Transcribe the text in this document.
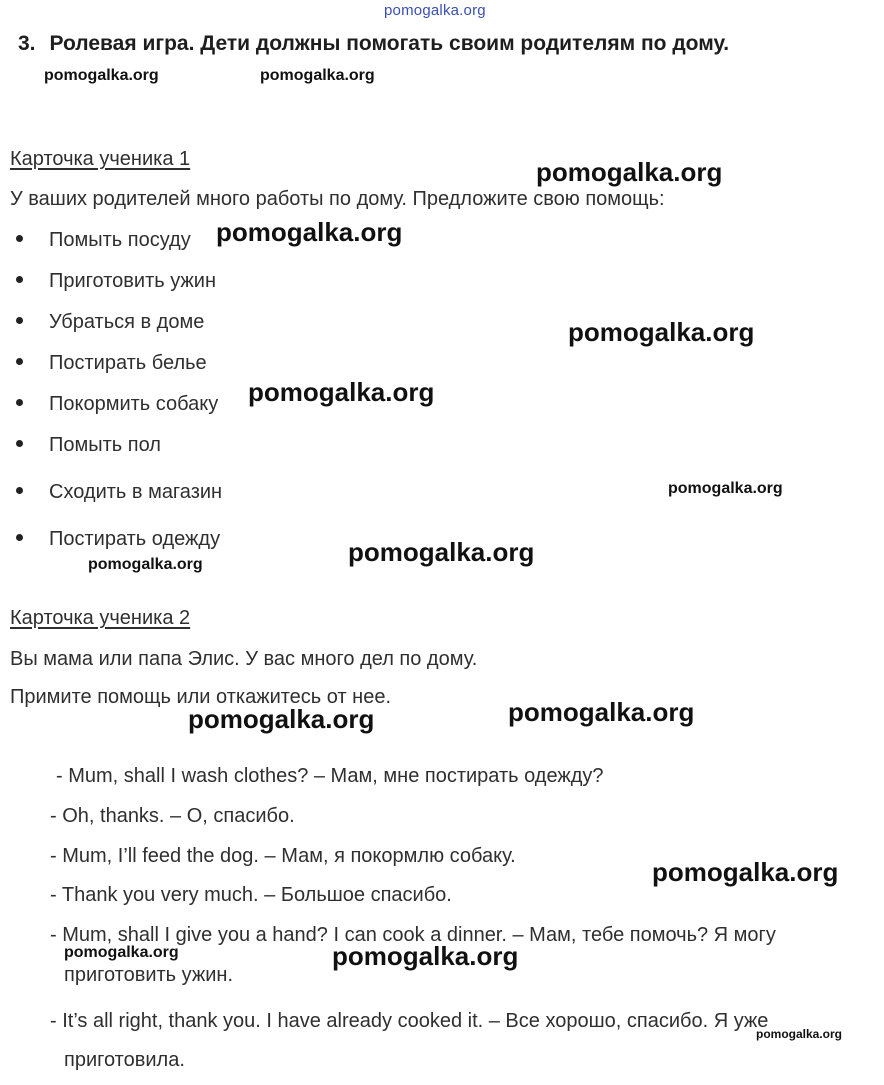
pomogalka.org
3. Ролевая игра. Дети должны помогать своим родителям по дому.
Карточка ученика 1
У ваших родителей много работы по дому. Предложите свою помощь:
Помыть посуду
Приготовить ужин
Убраться в доме
Постирать белье
Покормить собаку
Помыть пол
Сходить в магазин
Постирать одежду
Карточка ученика 2
Вы мама или папа Элис. У вас много дел по дому.
Примите помощь или откажитесь от нее.
- Mum, shall I wash clothes? – Мам, мне постирать одежду?
- Oh, thanks. – О, спасибо.
- Mum, I’ll feed the dog. – Мам, я покормлю собаку.
- Thank you very much. – Большое спасибо.
- Mum, shall I give you a hand? I can cook a dinner. – Мам, тебе помочь? Я могу
приготовить ужин.
- It’s all right, thank you. I have already cooked it. – Все хорошо, спасибо. Я уже
приготовила.
pomogalka.org	pomogalka.org
pomogalka.org
pomogalka.org
pomogalka.org
pomogalka.org
pomogalka.org
pomogalka.org
pomogalka.org
pomogalka.org
pomogalka.org
pomogalka.org
pomogalka.org	pomogalka.org
pomogalka.org
